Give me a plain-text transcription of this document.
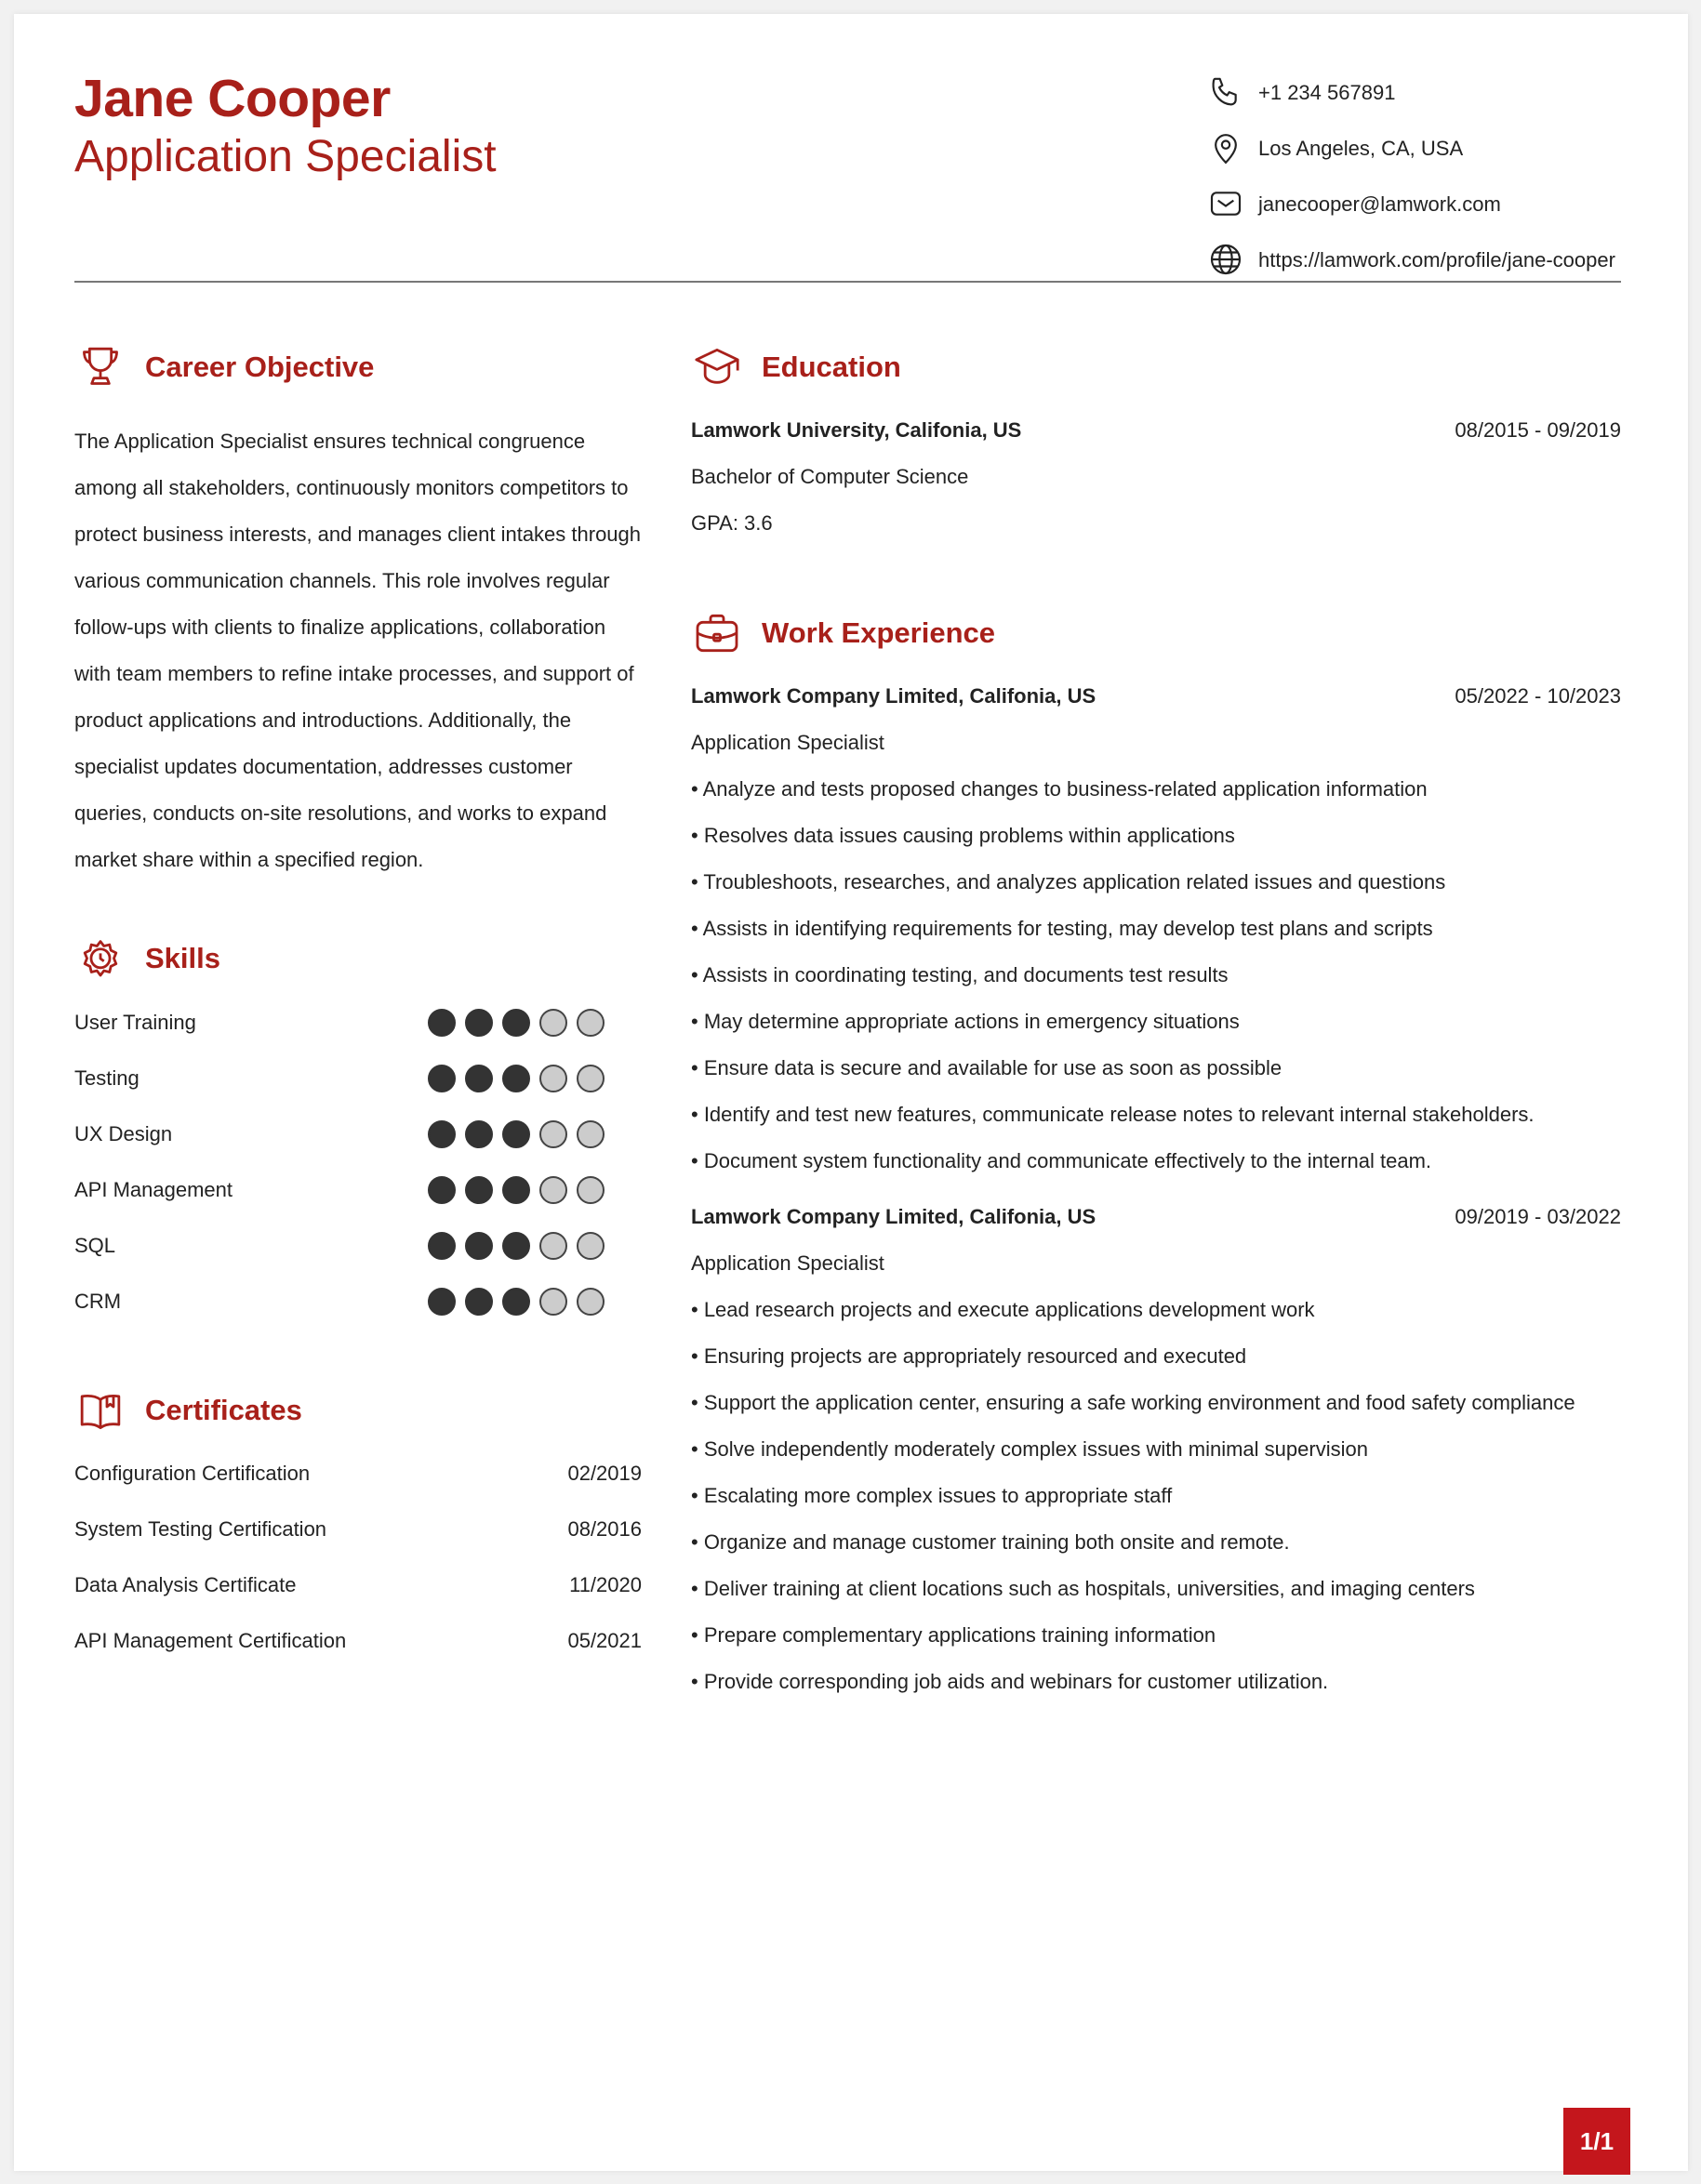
Jane Cooper
Application Specialist
+1 234 567891
Los Angeles, CA, USA
janecooper@lamwork.com
https://lamwork.com/profile/jane-cooper
Career Objective
The Application Specialist ensures technical congruence among all stakeholders, continuously monitors competitors to protect business interests, and manages client intakes through various communication channels. This role involves regular follow-ups with clients to finalize applications, collaboration with team members to refine intake processes, and support of product applications and introductions. Additionally, the specialist updates documentation, addresses customer queries, conducts on-site resolutions, and works to expand market share within a specified region.
Skills
User Training
Testing
UX Design
API Management
SQL
CRM
Certificates
Configuration Certification	02/2019
System Testing Certification	08/2016
Data Analysis Certificate	11/2020
API Management Certification	05/2021
Education
Lamwork University, Califonia, US	08/2015 - 09/2019
Bachelor of Computer Science
GPA: 3.6
Work Experience
Lamwork Company Limited, Califonia, US	05/2022 - 10/2023
Application Specialist
• Analyze and tests proposed changes to business-related application information
• Resolves data issues causing problems within applications
• Troubleshoots, researches, and analyzes application related issues and questions
• Assists in identifying requirements for testing, may develop test plans and scripts
• Assists in coordinating testing, and documents test results
• May determine appropriate actions in emergency situations
• Ensure data is secure and available for use as soon as possible
• Identify and test new features, communicate release notes to relevant internal stakeholders.
• Document system functionality and communicate effectively to the internal team.
Lamwork Company Limited, Califonia, US	09/2019 - 03/2022
Application Specialist
• Lead research projects and execute applications development work
• Ensuring projects are appropriately resourced and executed
• Support the application center, ensuring a safe working environment and food safety compliance
• Solve independently moderately complex issues with minimal supervision
• Escalating more complex issues to appropriate staff
• Organize and manage customer training both onsite and remote.
• Deliver training at client locations such as hospitals, universities, and imaging centers
• Prepare complementary applications training information
• Provide corresponding job aids and webinars for customer utilization.
1/1
